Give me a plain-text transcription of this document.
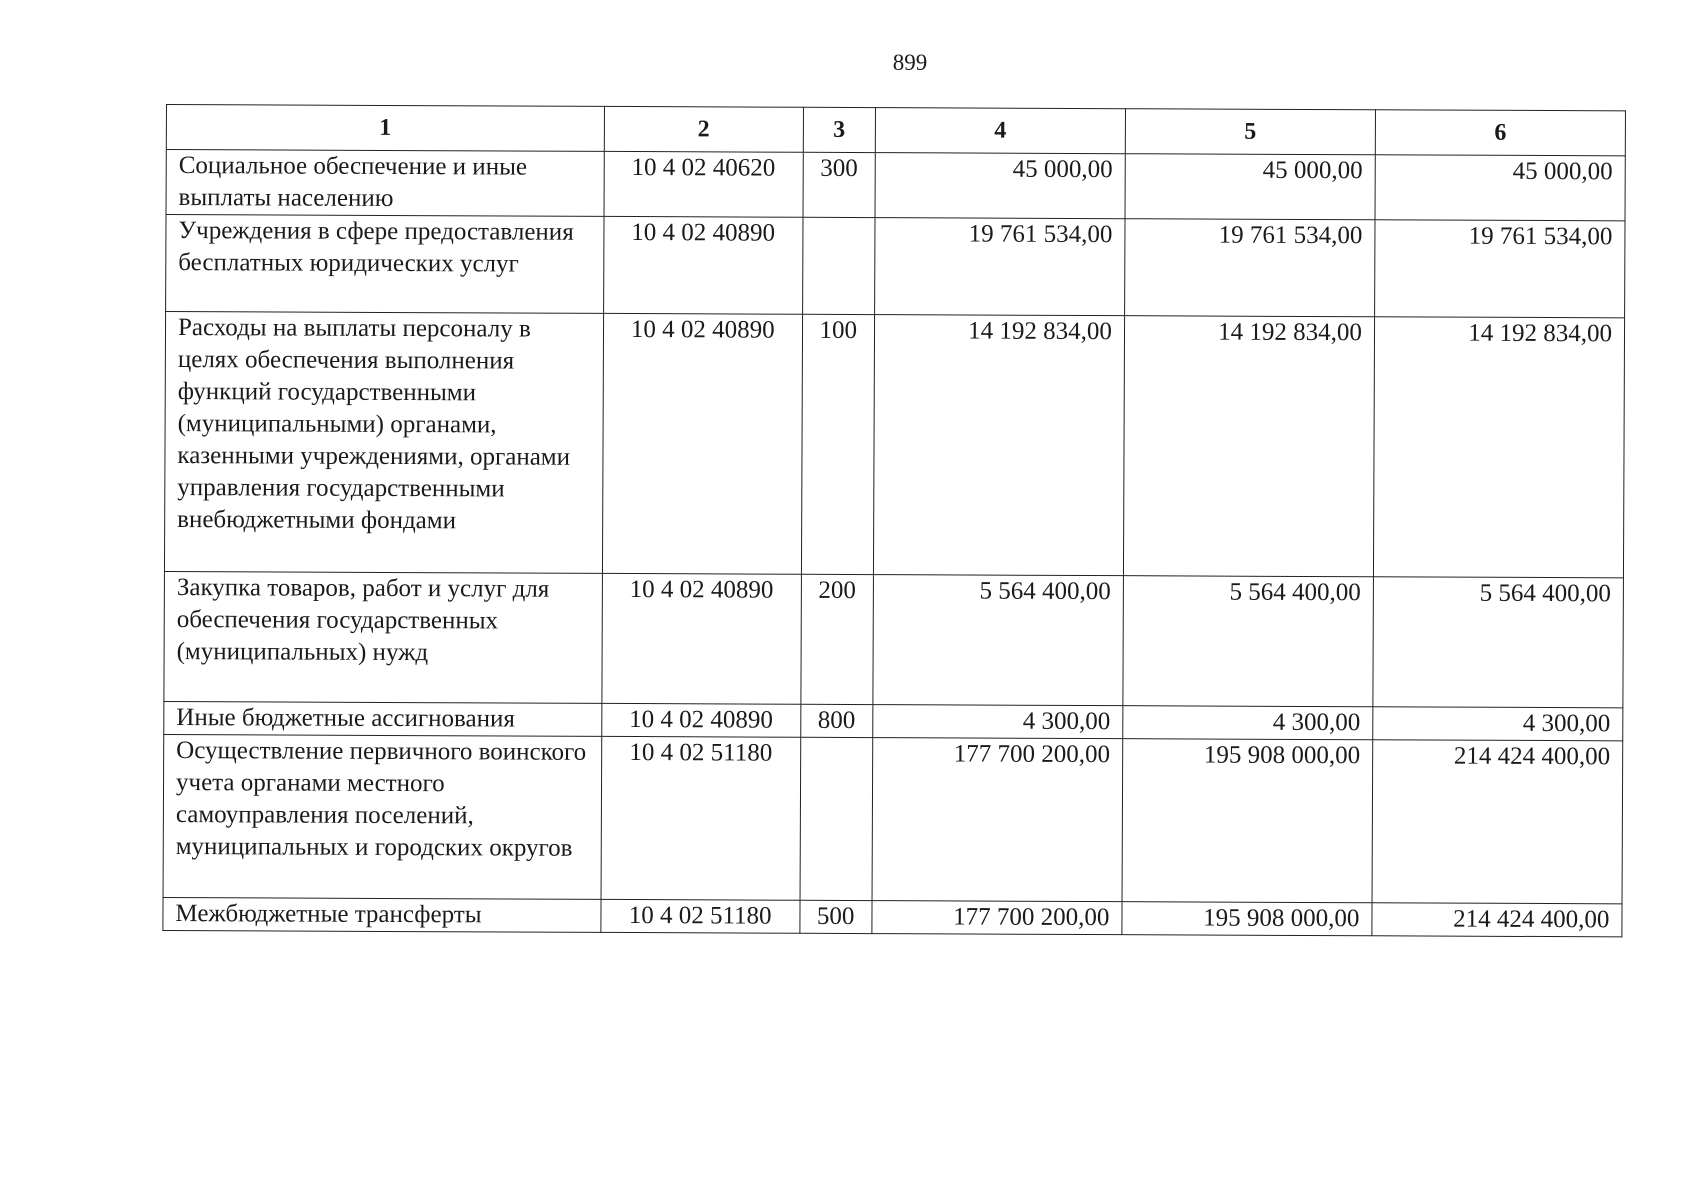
899
1	2	3	4	5	6
Социальное обеспечение и иные выплаты населению	10 4 02 40620	300	45 000,00	45 000,00	45 000,00
Учреждения в сфере предоставления бесплатных юридических услуг	10 4 02 40890		19 761 534,00	19 761 534,00	19 761 534,00
Расходы на выплаты персоналу в целях обеспечения выполнения функций государственными (муниципальными) органами, казенными учреждениями, органами управления государственными внебюджетными фондами	10 4 02 40890	100	14 192 834,00	14 192 834,00	14 192 834,00
Закупка товаров, работ и услуг для обеспечения государственных (муниципальных) нужд	10 4 02 40890	200	5 564 400,00	5 564 400,00	5 564 400,00
Иные бюджетные ассигнования	10 4 02 40890	800	4 300,00	4 300,00	4 300,00
Осуществление первичного воинского учета органами местного самоуправления поселений, муниципальных и городских округов	10 4 02 51180		177 700 200,00	195 908 000,00	214 424 400,00
Межбюджетные трансферты	10 4 02 51180	500	177 700 200,00	195 908 000,00	214 424 400,00
